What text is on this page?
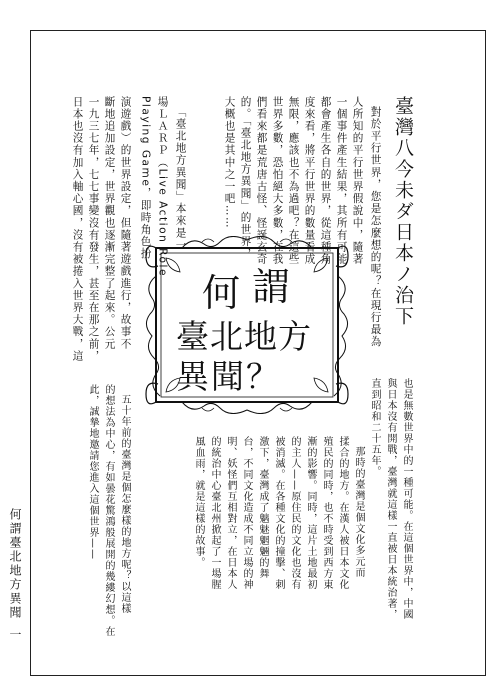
臺灣八今未ダ日本ノ治下
對於平行世界，您是怎麼想的呢？在現行最為
人所知的平行世界假說中，隨著
一個事件產生結果，其所有可能
都會產生各自的世界，從這種角
度來看，將平行世界的數量看成
無限，應該也不為過吧？在這些
世界多數，恐怕絕大多數，在我
們看來都是荒唐古怪、怪誕玄奇
的。「臺北地方異聞」的世界，
大概也是其中之一吧……
「臺北地方異聞」本來是一
場ＬＡＲＰ（Live Action Role
Playing Game，即時角色扮
演遊戲）的世界設定，但隨著遊戲進行，故事不
斷地追加設定，世界觀也逐漸完整了起來。公元
一九三七年，七七事變沒有發生，甚至在那之前，
日本也沒有加入軸心國，沒有被捲入世界大戰，這	何 謂
臺北地方
異聞？
也是無數世界中的一種可能。在這個世界中，中國
與日本沒有開戰，臺灣就這樣一直被日本統治著，
直到昭和二十五年。
那時的臺灣是個文化多元而
揉合的地方。在漢人被日本文化
殖民的同時，也不時受到西方東
漸的影響。同時，這片土地最初
的主人——原住民的文化也沒有
被消滅。在各種文化的撞擊、刺
激下，臺灣成了魑魅魍魎的舞
台，不同文化造成不同立場的神
明、妖怪們互相對立，在日本人
的統治中心臺北州掀起了一場腥
風血雨，就是這樣的故事。
五十年前的臺灣是個怎麼樣的地方呢？以這樣
的想法為中心，有如曇花驚鴻般展開的幾縷幻想。在
此，誠摯地邀請您進入這個世界——
何謂臺北地方異聞
一
